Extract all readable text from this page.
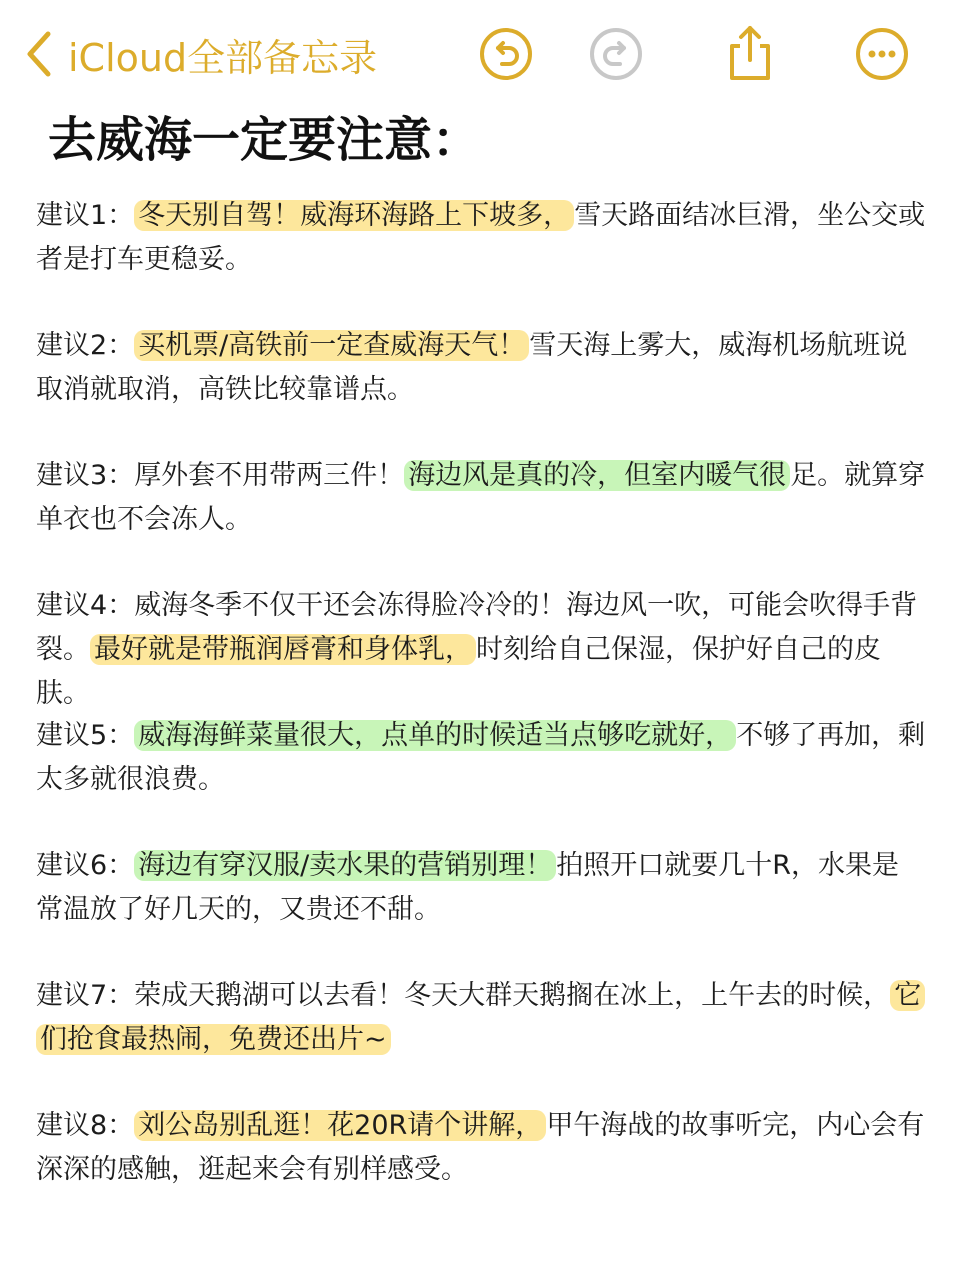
iCloud全部备忘录
去威海一定要注意：
建议1： 冬天别自驾！威海环海路上下坡多， 雪天路面结冰巨滑，坐公交或者是打车更稳妥。
建议2： 买机票/高铁前一定查威海天气！ 雪天海上雾大，威海机场航班说取消就取消，高铁比较靠谱点。
建议3：厚外套不用带两三件！ 海边风是真的冷，但室内暖气很 足。就算穿单衣也不会冻人。
建议4：威海冬季不仅干还会冻得脸冷冷的！海边风一吹，可能会吹得手背裂。 最好就是带瓶润唇膏和身体乳， 时刻给自己保湿，保护好自己的皮肤。
建议5： 威海海鲜菜量很大，点单的时候适当点够吃就好， 不够了再加，剩太多就很浪费。
建议6： 海边有穿汉服/卖水果的营销别理！ 拍照开口就要几十R，水果是常温放了好几天的，又贵还不甜。
建议7：荣成天鹅湖可以去看！冬天大群天鹅搁在冰上，上午去的时候， 它们抢食最热闹，免费还出片~
建议8： 刘公岛别乱逛！花20R请个讲解， 甲午海战的故事听完，内心会有深深的感触，逛起来会有别样感受。
